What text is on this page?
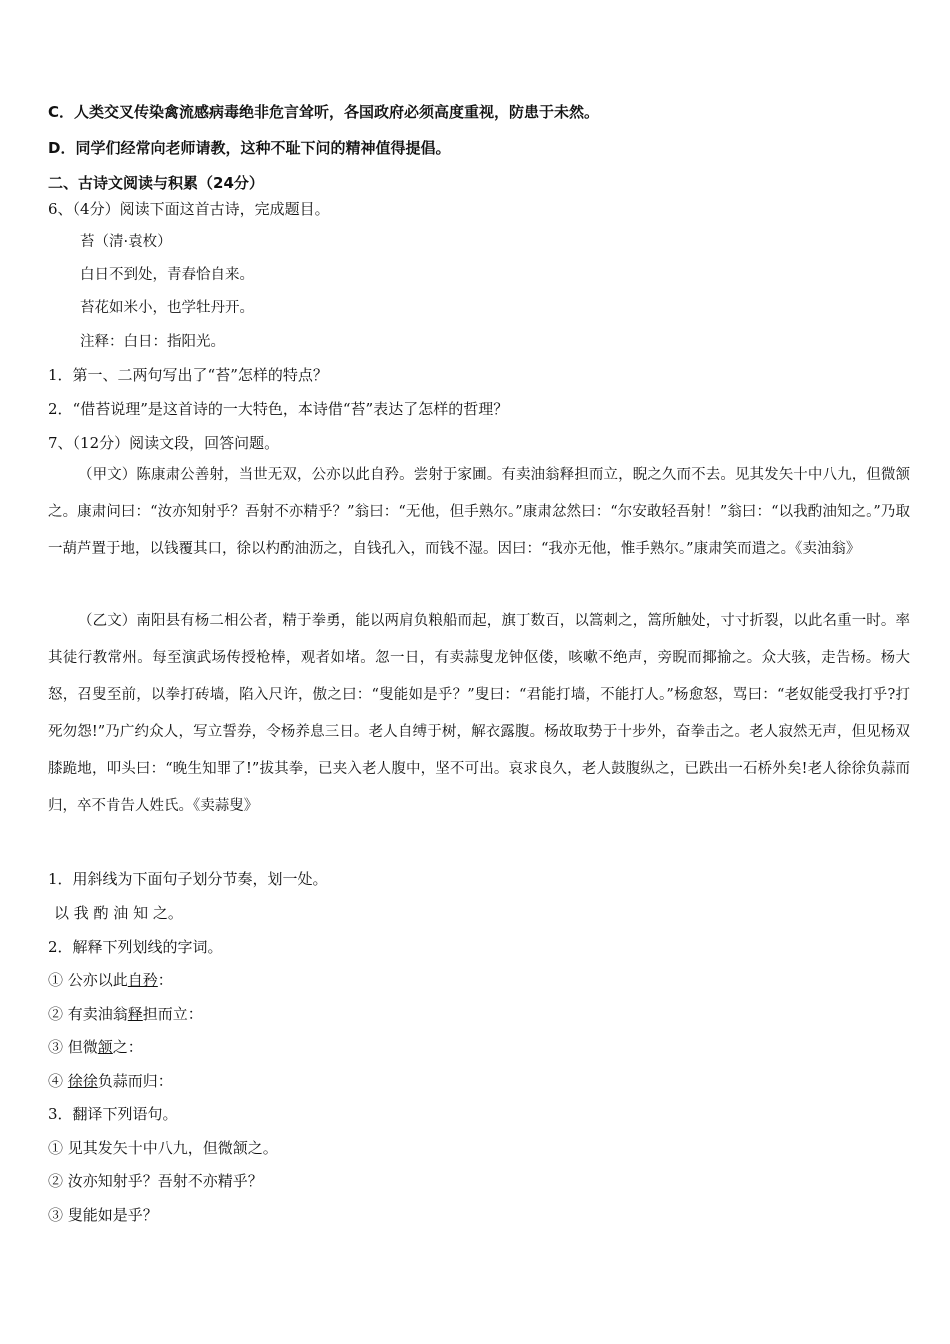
C．人类交叉传染禽流感病毒绝非危言耸听，各国政府必须高度重视，防患于未然。

D．同学们经常向老师请教，这种不耻下问的精神值得提倡。

二、古诗文阅读与积累（24分）

6、（4分）阅读下面这首古诗，完成题目。

苔（清·袁枚）

白日不到处，青春恰自来。

苔花如米小，也学牡丹开。

注释：白日：指阳光。

1．第一、二两句写出了“苔”怎样的特点？

2．“借苔说理”是这首诗的一大特色，本诗借“苔”表达了怎样的哲理？

7、（12分）阅读文段，回答问题。

（甲文）陈康肃公善射，当世无双，公亦以此自矜。尝射于家圃。有卖油翁释担而立，睨之久而不去。见其发矢十中八九，但微颔之。康肃问曰：“汝亦知射乎？吾射不亦精乎？”翁曰：“无他，但手熟尔。”康肃忿然曰：“尔安敢轻吾射！”翁曰：“以我酌油知之。”乃取一葫芦置于地，以钱覆其口，徐以杓酌油沥之，自钱孔入，而钱不湿。因曰：“我亦无他，惟手熟尔。”康肃笑而遣之。《卖油翁》

（乙文）南阳县有杨二相公者，精于拳勇，能以两肩负粮船而起，旗丁数百，以篙刺之，篙所触处，寸寸折裂，以此名重一时。率其徒行教常州。每至演武场传授枪棒，观者如堵。忽一日，有卖蒜叟龙钟伛偻，咳嗽不绝声，旁睨而揶揄之。众大骇，走告杨。杨大怒，召叟至前，以拳打砖墙，陷入尺许，傲之曰：“叟能如是乎？”叟曰：“君能打墙，不能打人。”杨愈怒，骂曰：“老奴能受我打乎?打死勿怨!”乃广约众人，写立誓券，令杨养息三日。老人自缚于树，解衣露腹。杨故取势于十步外，奋拳击之。老人寂然无声，但见杨双膝跪地，叩头曰：“晚生知罪了!”拔其拳，已夹入老人腹中，坚不可出。哀求良久，老人鼓腹纵之，已跌出一石桥外矣!老人徐徐负蒜而归，卒不肯告人姓氏。《卖蒜叟》

1．用斜线为下面句子划分节奏，划一处。

以 我 酌 油 知 之。

2．解释下列划线的字词。

① 公亦以此自矜：

② 有卖油翁释担而立：

③ 但微颔之：

④ 徐徐负蒜而归：

3．翻译下列语句。

① 见其发矢十中八九，但微颔之。

② 汝亦知射乎？吾射不亦精乎？

③ 叟能如是乎？
